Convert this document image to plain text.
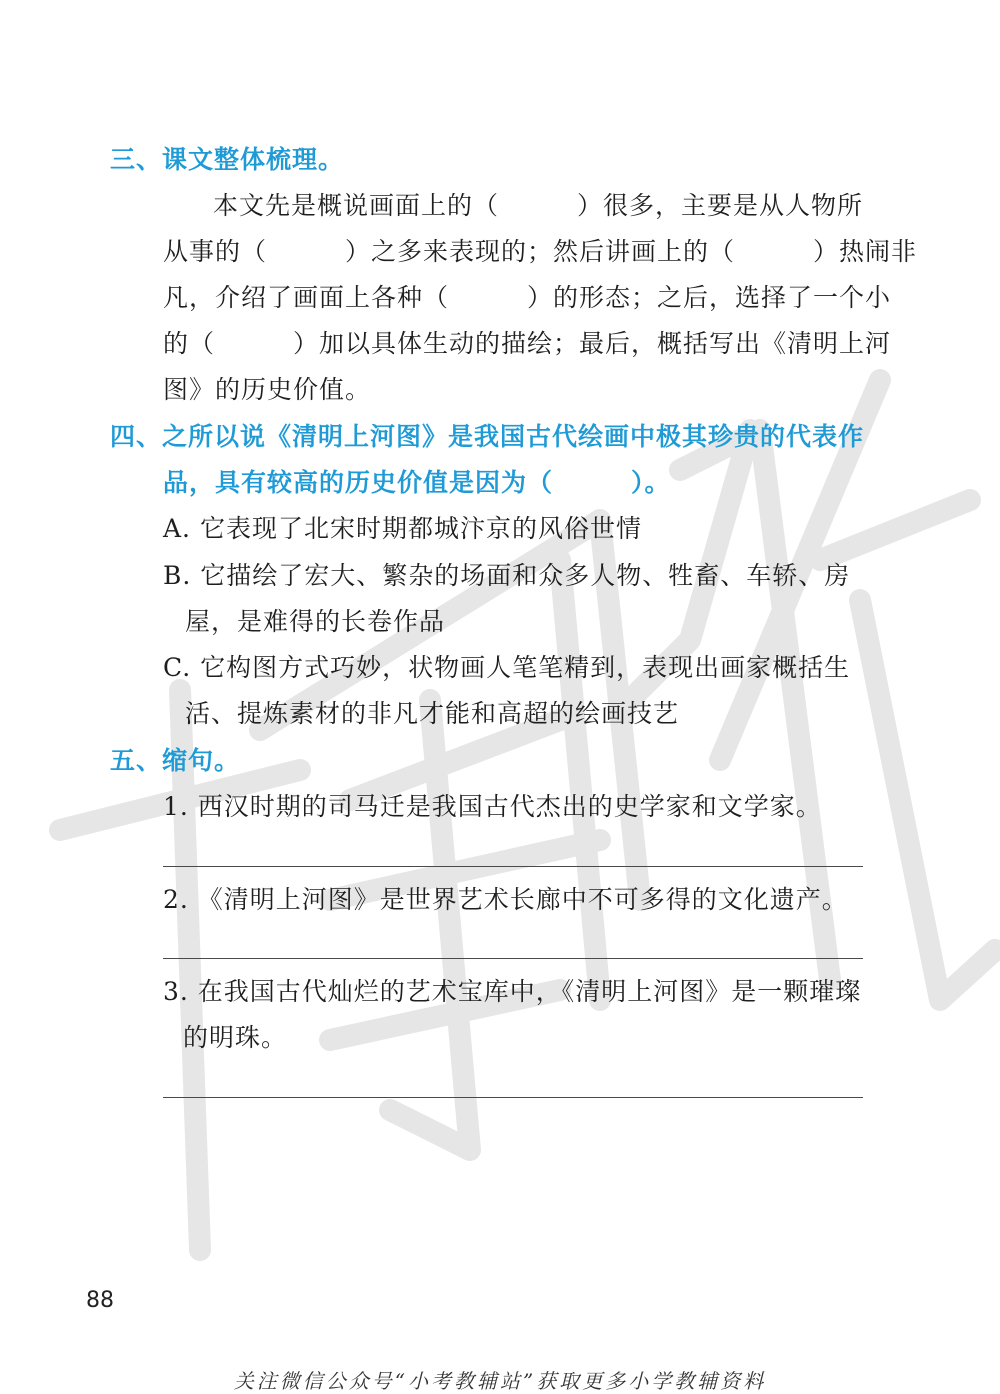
三、课文整体梳理。
本文先是概说画面上的（　　　）很多，主要是从人物所
从事的（　　　）之多来表现的；然后讲画上的（　　　）热闹非
凡，介绍了画面上各种（　　　）的形态；之后，选择了一个小
的（　　　）加以具体生动的描绘；最后，概括写出《清明上河
图》的历史价值。
四、之所以说《清明上河图》是我国古代绘画中极其珍贵的代表作
品，具有较高的历史价值是因为（　　　）。
A. 它表现了北宋时期都城汴京的风俗世情
B. 它描绘了宏大、繁杂的场面和众多人物、牲畜、车轿、房
屋，是难得的长卷作品
C. 它构图方式巧妙，状物画人笔笔精到，表现出画家概括生
活、提炼素材的非凡才能和高超的绘画技艺
五、缩句。
1. 西汉时期的司马迁是我国古代杰出的史学家和文学家。
2. 《清明上河图》是世界艺术长廊中不可多得的文化遗产。
3. 在我国古代灿烂的艺术宝库中，《清明上河图》是一颗璀璨
的明珠。
88
关注微信公众号“小考教辅站”获取更多小学教辅资料
